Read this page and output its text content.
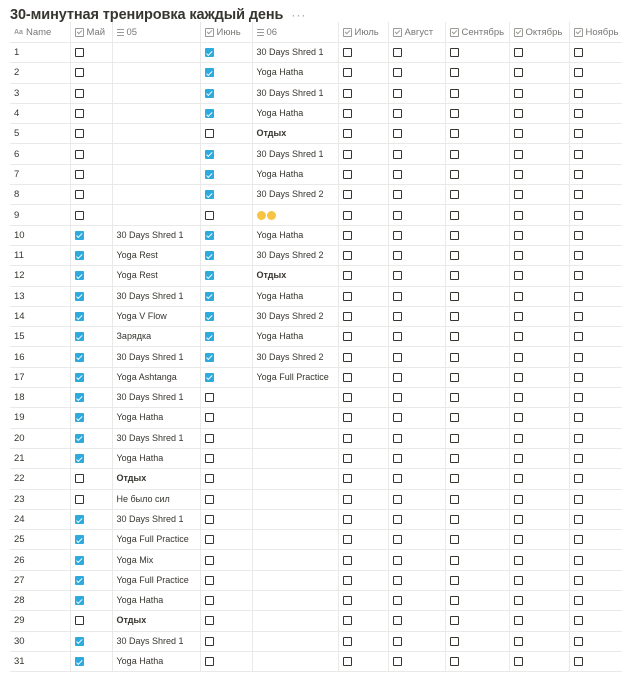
30-минутная тренировка каждый день ···
Aa Name	Май	05	Июнь	06	Июль	Август	Сентябрь	Октябрь	Ноябрь

1				30 Days Shred 1					
2				Yoga Hatha					
3				30 Days Shred 1					
4				Yoga Hatha					
5				Отдых					
6				30 Days Shred 1					
7				Yoga Hatha					
8				30 Days Shred 2					
9									
10		30 Days Shred 1		Yoga Hatha					
11		Yoga Rest		30 Days Shred 2					
12		Yoga Rest		Отдых					
13		30 Days Shred 1		Yoga Hatha					
14		Yoga V Flow		30 Days Shred 2					
15		Зарядка		Yoga Hatha					
16		30 Days Shred 1		30 Days Shred 2					
17		Yoga Ashtanga		Yoga Full Practice					
18		30 Days Shred 1							
19		Yoga Hatha							
20		30 Days Shred 1							
21		Yoga Hatha							
22		Отдых							
23		Не было сил							
24		30 Days Shred 1							
25		Yoga Full Practice							
26		Yoga Mix							
27		Yoga Full Practice							
28		Yoga Hatha							
29		Отдых							
30		30 Days Shred 1							
31		Yoga Hatha							
